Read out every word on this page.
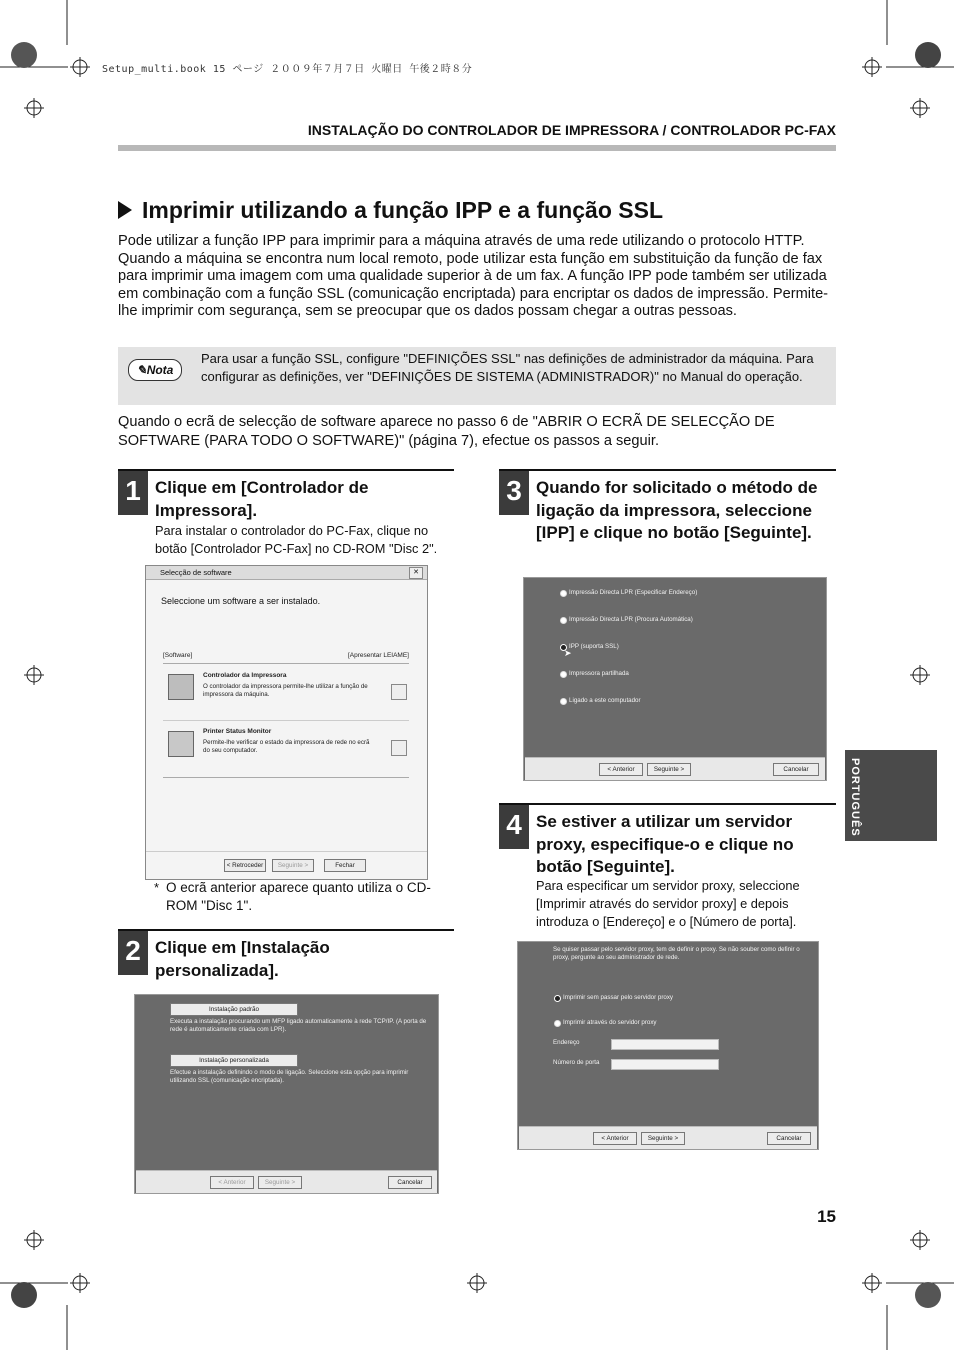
Setup_multi.book 15 ページ ２００９年７月７日 火曜日 午後２時８分
INSTALAÇÃO DO CONTROLADOR DE IMPRESSORA / CONTROLADOR PC-FAX
Imprimir utilizando a função IPP e a função SSL
Pode utilizar a função IPP para imprimir para a máquina através de uma rede utilizando o protocolo HTTP. Quando a máquina se encontra num local remoto, pode utilizar esta função em substituição da função de fax para imprimir uma imagem com uma qualidade superior à de um fax. A função IPP pode também ser utilizada em combinação com a função SSL (comunicação encriptada) para encriptar os dados de impressão. Permite-lhe imprimir com segurança, sem se preocupar que os dados possam chegar a outras pessoas.
✎Nota
Para usar a função SSL, configure "DEFINIÇÕES SSL" nas definições de administrador da máquina. Para configurar as definições, ver "DEFINIÇÕES DE SISTEMA (ADMINISTRADOR)" no Manual do operação.
Quando o ecrã de selecção de software aparece no passo 6 de "ABRIR O ECRÃ DE SELECÇÃO DE SOFTWARE (PARA TODO O SOFTWARE)" (página 7), efectue os passos a seguir.
1 Clique em [Controlador de Impressora].
Para instalar o controlador do PC-Fax, clique no botão [Controlador PC-Fax] no CD-ROM "Disc 2".
Selecção de software	✕
Seleccione um software a ser instalado.
[Software]	[Apresentar LEIAME]
Controlador da Impressora
O controlador da impressora permite-lhe utilizar a função de impressora da máquina.
Printer Status Monitor
Permite-lhe verificar o estado da impressora de rede no ecrã do seu computador.
< Retroceder	Seguinte >	Fechar
* O ecrã anterior aparece quanto utiliza o CD-ROM "Disc 1".
2 Clique em [Instalação personalizada].
Instalação padrão
Executa a instalação procurando um MFP ligado automaticamente à rede TCP/IP. (A porta de rede é automaticamente criada com LPR).
Instalação personalizada
Efectue a instalação definindo o modo de ligação. Seleccione esta opção para imprimir utilizando SSL (comunicação encriptada).
< Anterior	Seguinte >	Cancelar
3 Quando for solicitado o método de ligação da impressora, seleccione [IPP] e clique no botão [Seguinte].
Impressão Directa LPR (Especificar Endereço)
Impressão Directa LPR (Procura Automática)
IPP (suporta SSL)
➤
Impressora partilhada
Ligado a este computador
< Anterior	Seguinte >	Cancelar
4 Se estiver a utilizar um servidor proxy, especifique-o e clique no botão [Seguinte].
Para especificar um servidor proxy, seleccione [Imprimir através do servidor proxy] e depois introduza o [Endereço] e o [Número de porta].
Se quiser passar pelo servidor proxy, tem de definir o proxy. Se não souber como definir o proxy, pergunte ao seu administrador de rede.
Imprimir sem passar pelo servidor proxy
Imprimir através do servidor proxy
Endereço
Número de porta
< Anterior	Seguinte >	Cancelar
PORTUGUÊS
15
